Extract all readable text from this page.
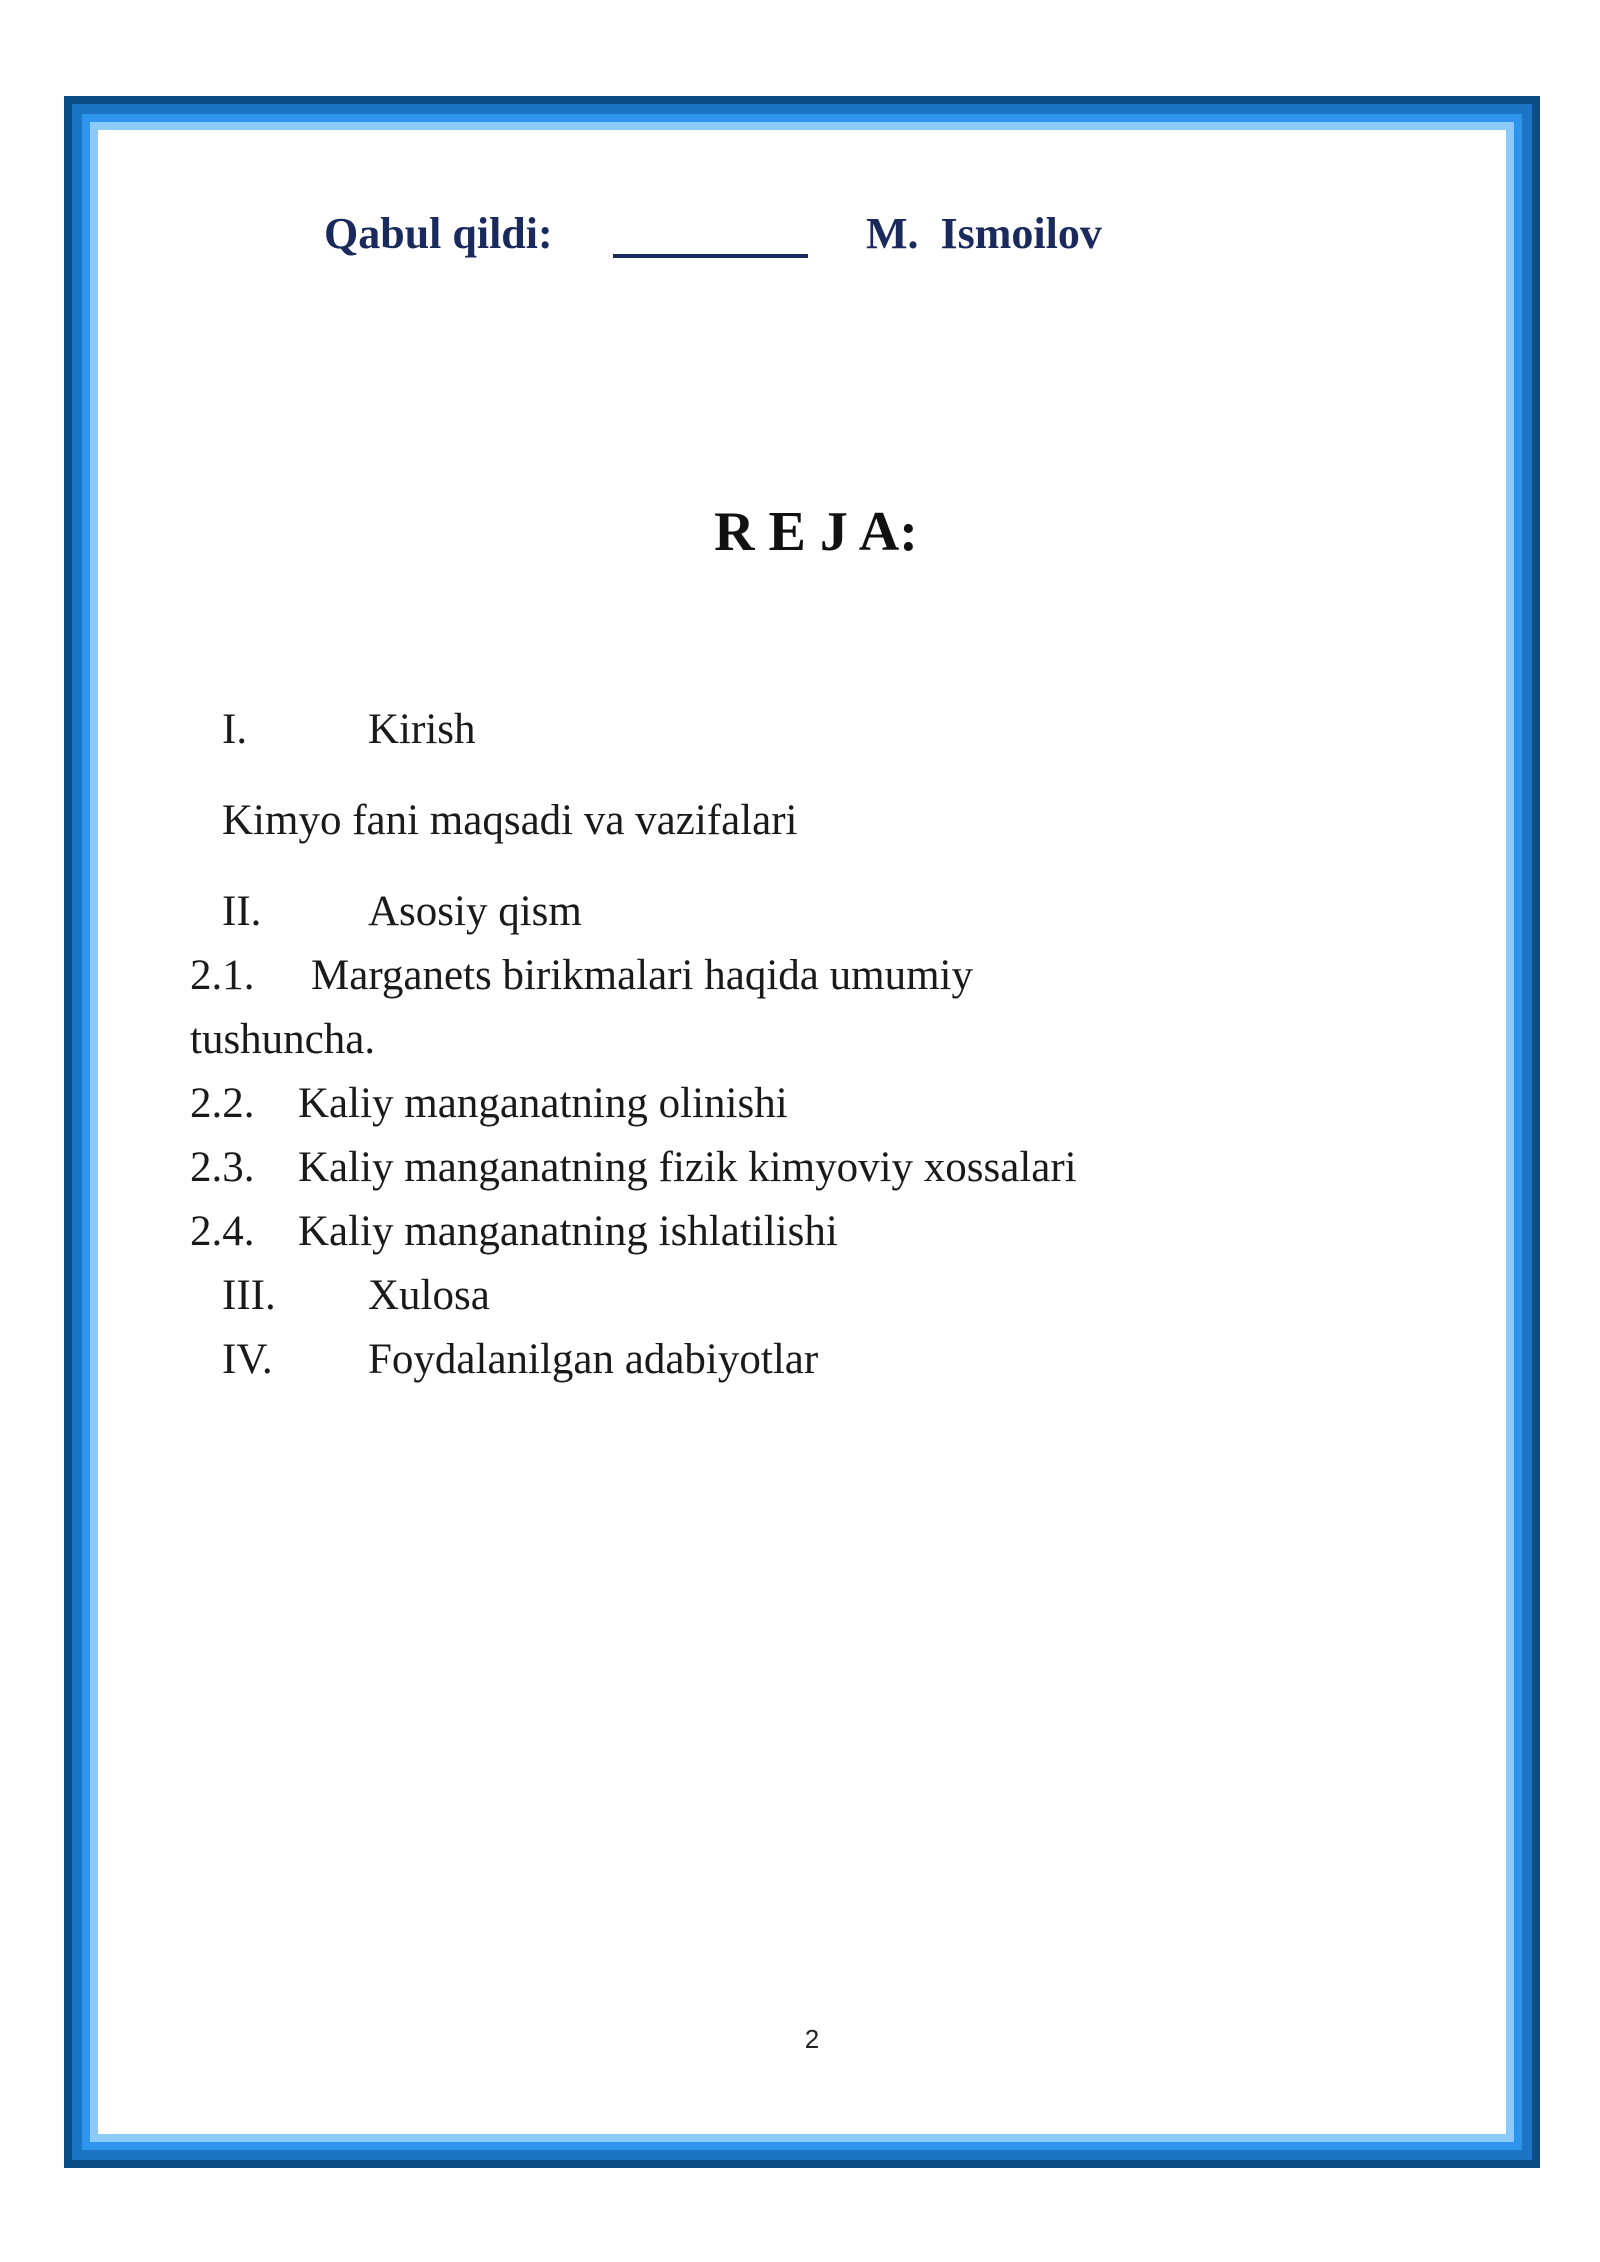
Qabul qildi:	M.  Ismoilov
R E J A:
I.	Kirish
Kimyo fani maqsadi va vazifalari
II. Asosiy qism
2.1. Marganets birikmalari haqida umumiy
tushuncha.
2.2. Kaliy manganatning olinishi
2.3. Kaliy manganatning fizik kimyoviy xossalari
2.4. Kaliy manganatning ishlatilishi
III. Xulosa
IV. Foydalanilgan adabiyotlar
2
